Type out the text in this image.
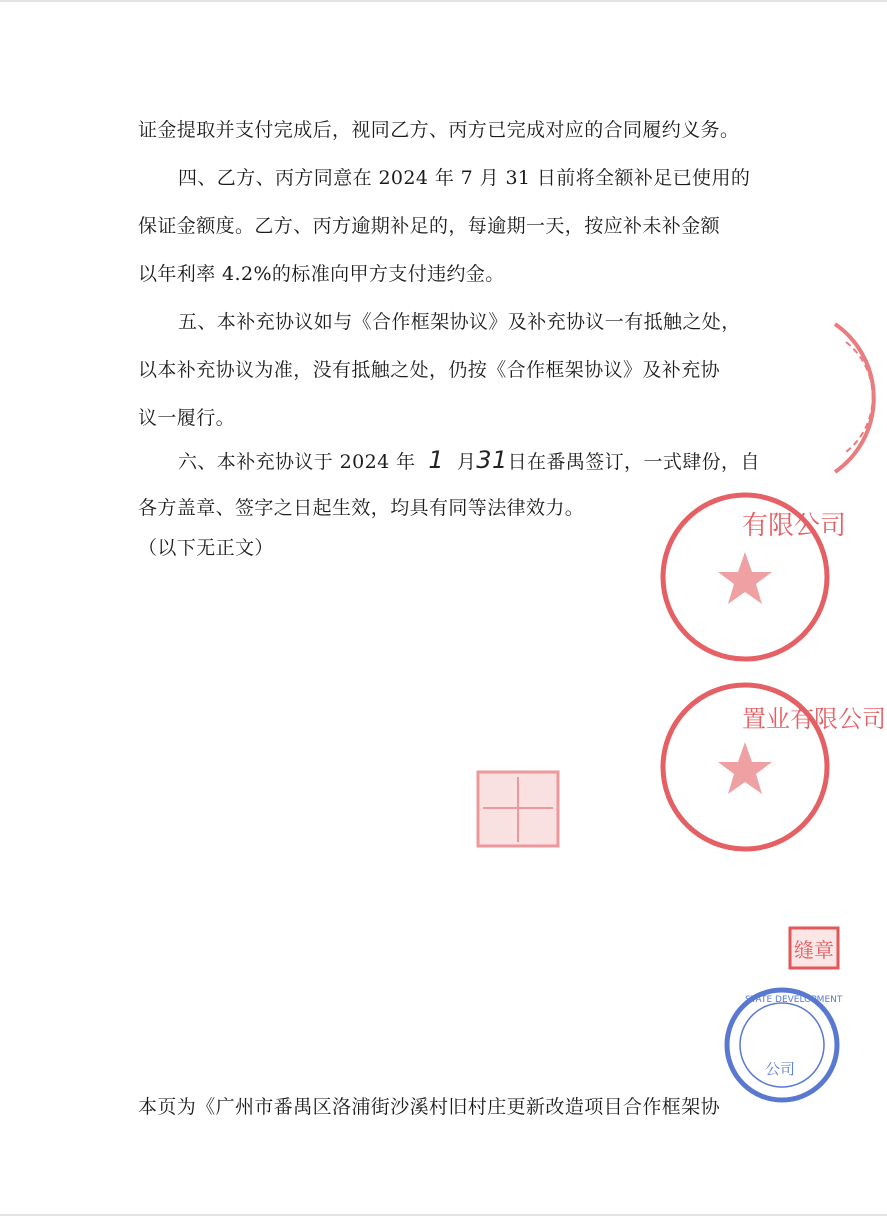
证金提取并支付完成后，视同乙方、丙方已完成对应的合同履约义务。

四、乙方、丙方同意在 2024 年 7 月 31 日前将全额补足已使用的
保证金额度。乙方、丙方逾期补足的，每逾期一天，按应补未补金额
以年利率 4.2%的标准向甲方支付违约金。

五、本补充协议如与《合作框架协议》及补充协议一有抵触之处，
以本补充协议为准，没有抵触之处，仍按《合作框架协议》及补充协
议一履行。

六、本补充协议于 2024 年 1 月31日在番禺签订，一式肆份，自
各方盖章、签字之日起生效，均具有同等法律效力。

（以下无正文）

本页为《广州市番禺区洛浦街沙溪村旧村庄更新改造项目合作框架协
有限公司
置业有限公司
缝章
STATE DEVELOPMENT
公司
